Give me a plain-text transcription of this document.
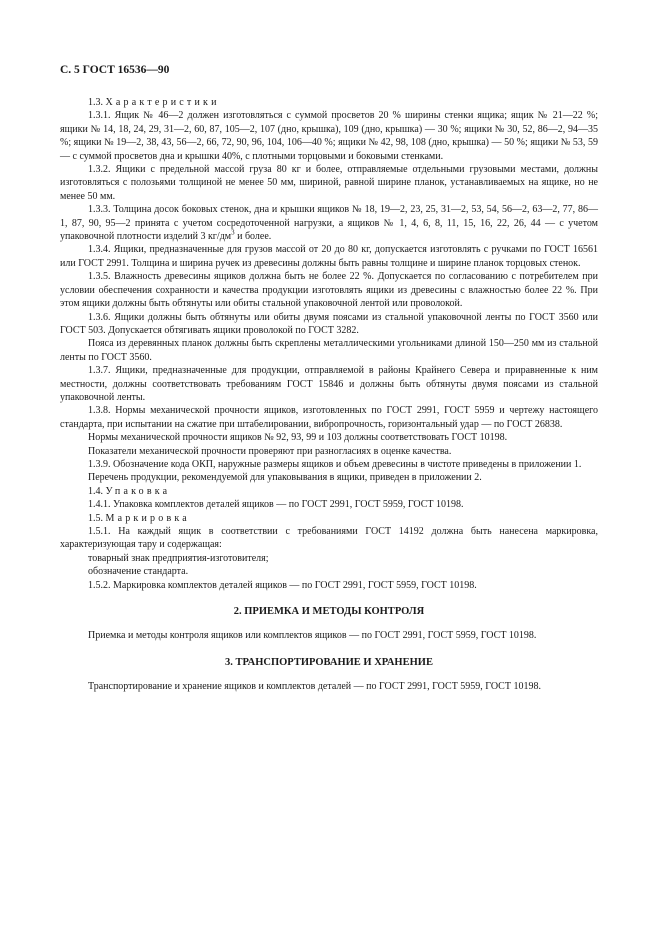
С. 5 ГОСТ 16536—90

1.3. Характеристики

1.3.1. Ящик № 46—2 должен изготовляться с суммой просветов 20 % ширины стенки ящика; ящик № 21—22 %; ящики № 14, 18, 24, 29, 31—2, 60, 87, 105—2, 107 (дно, крышка), 109 (дно, крышка) — 30 %; ящики № 30, 52, 86—2, 94—35 %; ящики № 19—2, 38, 43, 56—2, 66, 72, 90, 96, 104, 106—40 %; ящики № 42, 98, 108 (дно, крышка) — 50 %; ящики № 53, 59 — с суммой просветов дна и крышки 40%, с плотными торцовыми и боковыми стенками.

1.3.2. Ящики с предельной массой груза 80 кг и более, отправляемые отдельными грузовыми местами, должны изготовляться с полозьями толщиной не менее 50 мм, шириной, равной ширине планок, устанавливаемых на ящике, но не менее 50 мм.

1.3.3. Толщина досок боковых стенок, дна и крышки ящиков № 18, 19—2, 23, 25, 31—2, 53, 54, 56—2, 63—2, 77, 86—1, 87, 90, 95—2 принята с учетом сосредоточенной нагрузки, а ящиков № 1, 4, 6, 8, 11, 15, 16, 22, 26, 44 — с учетом упаковочной плотности изделий 3 $кг/дм^3$ и более.

1.3.4. Ящики, предназначенные для грузов массой от 20 до 80 кг, допускается изготовлять с ручками по ГОСТ 16561 или ГОСТ 2991. Толщина и ширина ручек из древесины должны быть равны толщине и ширине планок торцовых стенок.

1.3.5. Влажность древесины ящиков должна быть не более 22 %. Допускается по согласованию с потребителем при условии обеспечения сохранности и качества продукции изготовлять ящики из древесины с влажностью более 22 %. При этом ящики должны быть обтянуты или обиты стальной упаковочной лентой или проволокой.

1.3.6. Ящики должны быть обтянуты или обиты двумя поясами из стальной упаковочной ленты по ГОСТ 3560 или ГОСТ 503. Допускается обтягивать ящики проволокой по ГОСТ 3282.

Пояса из деревянных планок должны быть скреплены металлическими угольниками длиной 150—250 мм из стальной ленты по ГОСТ 3560.

1.3.7. Ящики, предназначенные для продукции, отправляемой в районы Крайнего Севера и приравненные к ним местности, должны соответствовать требованиям ГОСТ 15846 и должны быть обтянуты двумя поясами из стальной упаковочной ленты.

1.3.8. Нормы механической прочности ящиков, изготовленных по ГОСТ 2991, ГОСТ 5959 и чертежу настоящего стандарта, при испытании на сжатие при штабелировании, вибропрочность, горизонтальный удар — по ГОСТ 26838.

Нормы механической прочности ящиков № 92, 93, 99 и 103 должны соответствовать ГОСТ 10198.

Показатели механической прочности проверяют при разногласиях в оценке качества.

1.3.9. Обозначение кода ОКП, наружные размеры ящиков и объем древесины в чистоте приведены в приложении 1.

Перечень продукции, рекомендуемой для упаковывания в ящики, приведен в приложении 2.

1.4. Упаковка

1.4.1. Упаковка комплектов деталей ящиков — по ГОСТ 2991, ГОСТ 5959, ГОСТ 10198.

1.5. Маркировка

1.5.1. На каждый ящик в соответствии с требованиями ГОСТ 14192 должна быть нанесена маркировка, характеризующая тару и содержащая:

товарный знак предприятия-изготовителя;

обозначение стандарта.

1.5.2. Маркировка комплектов деталей ящиков — по ГОСТ 2991, ГОСТ 5959, ГОСТ 10198.

2. ПРИЕМКА И МЕТОДЫ КОНТРОЛЯ

Приемка и методы контроля ящиков или комплектов ящиков — по ГОСТ 2991, ГОСТ 5959, ГОСТ 10198.

3. ТРАНСПОРТИРОВАНИЕ И ХРАНЕНИЕ

Транспортирование и хранение ящиков и комплектов деталей — по ГОСТ 2991, ГОСТ 5959, ГОСТ 10198.
